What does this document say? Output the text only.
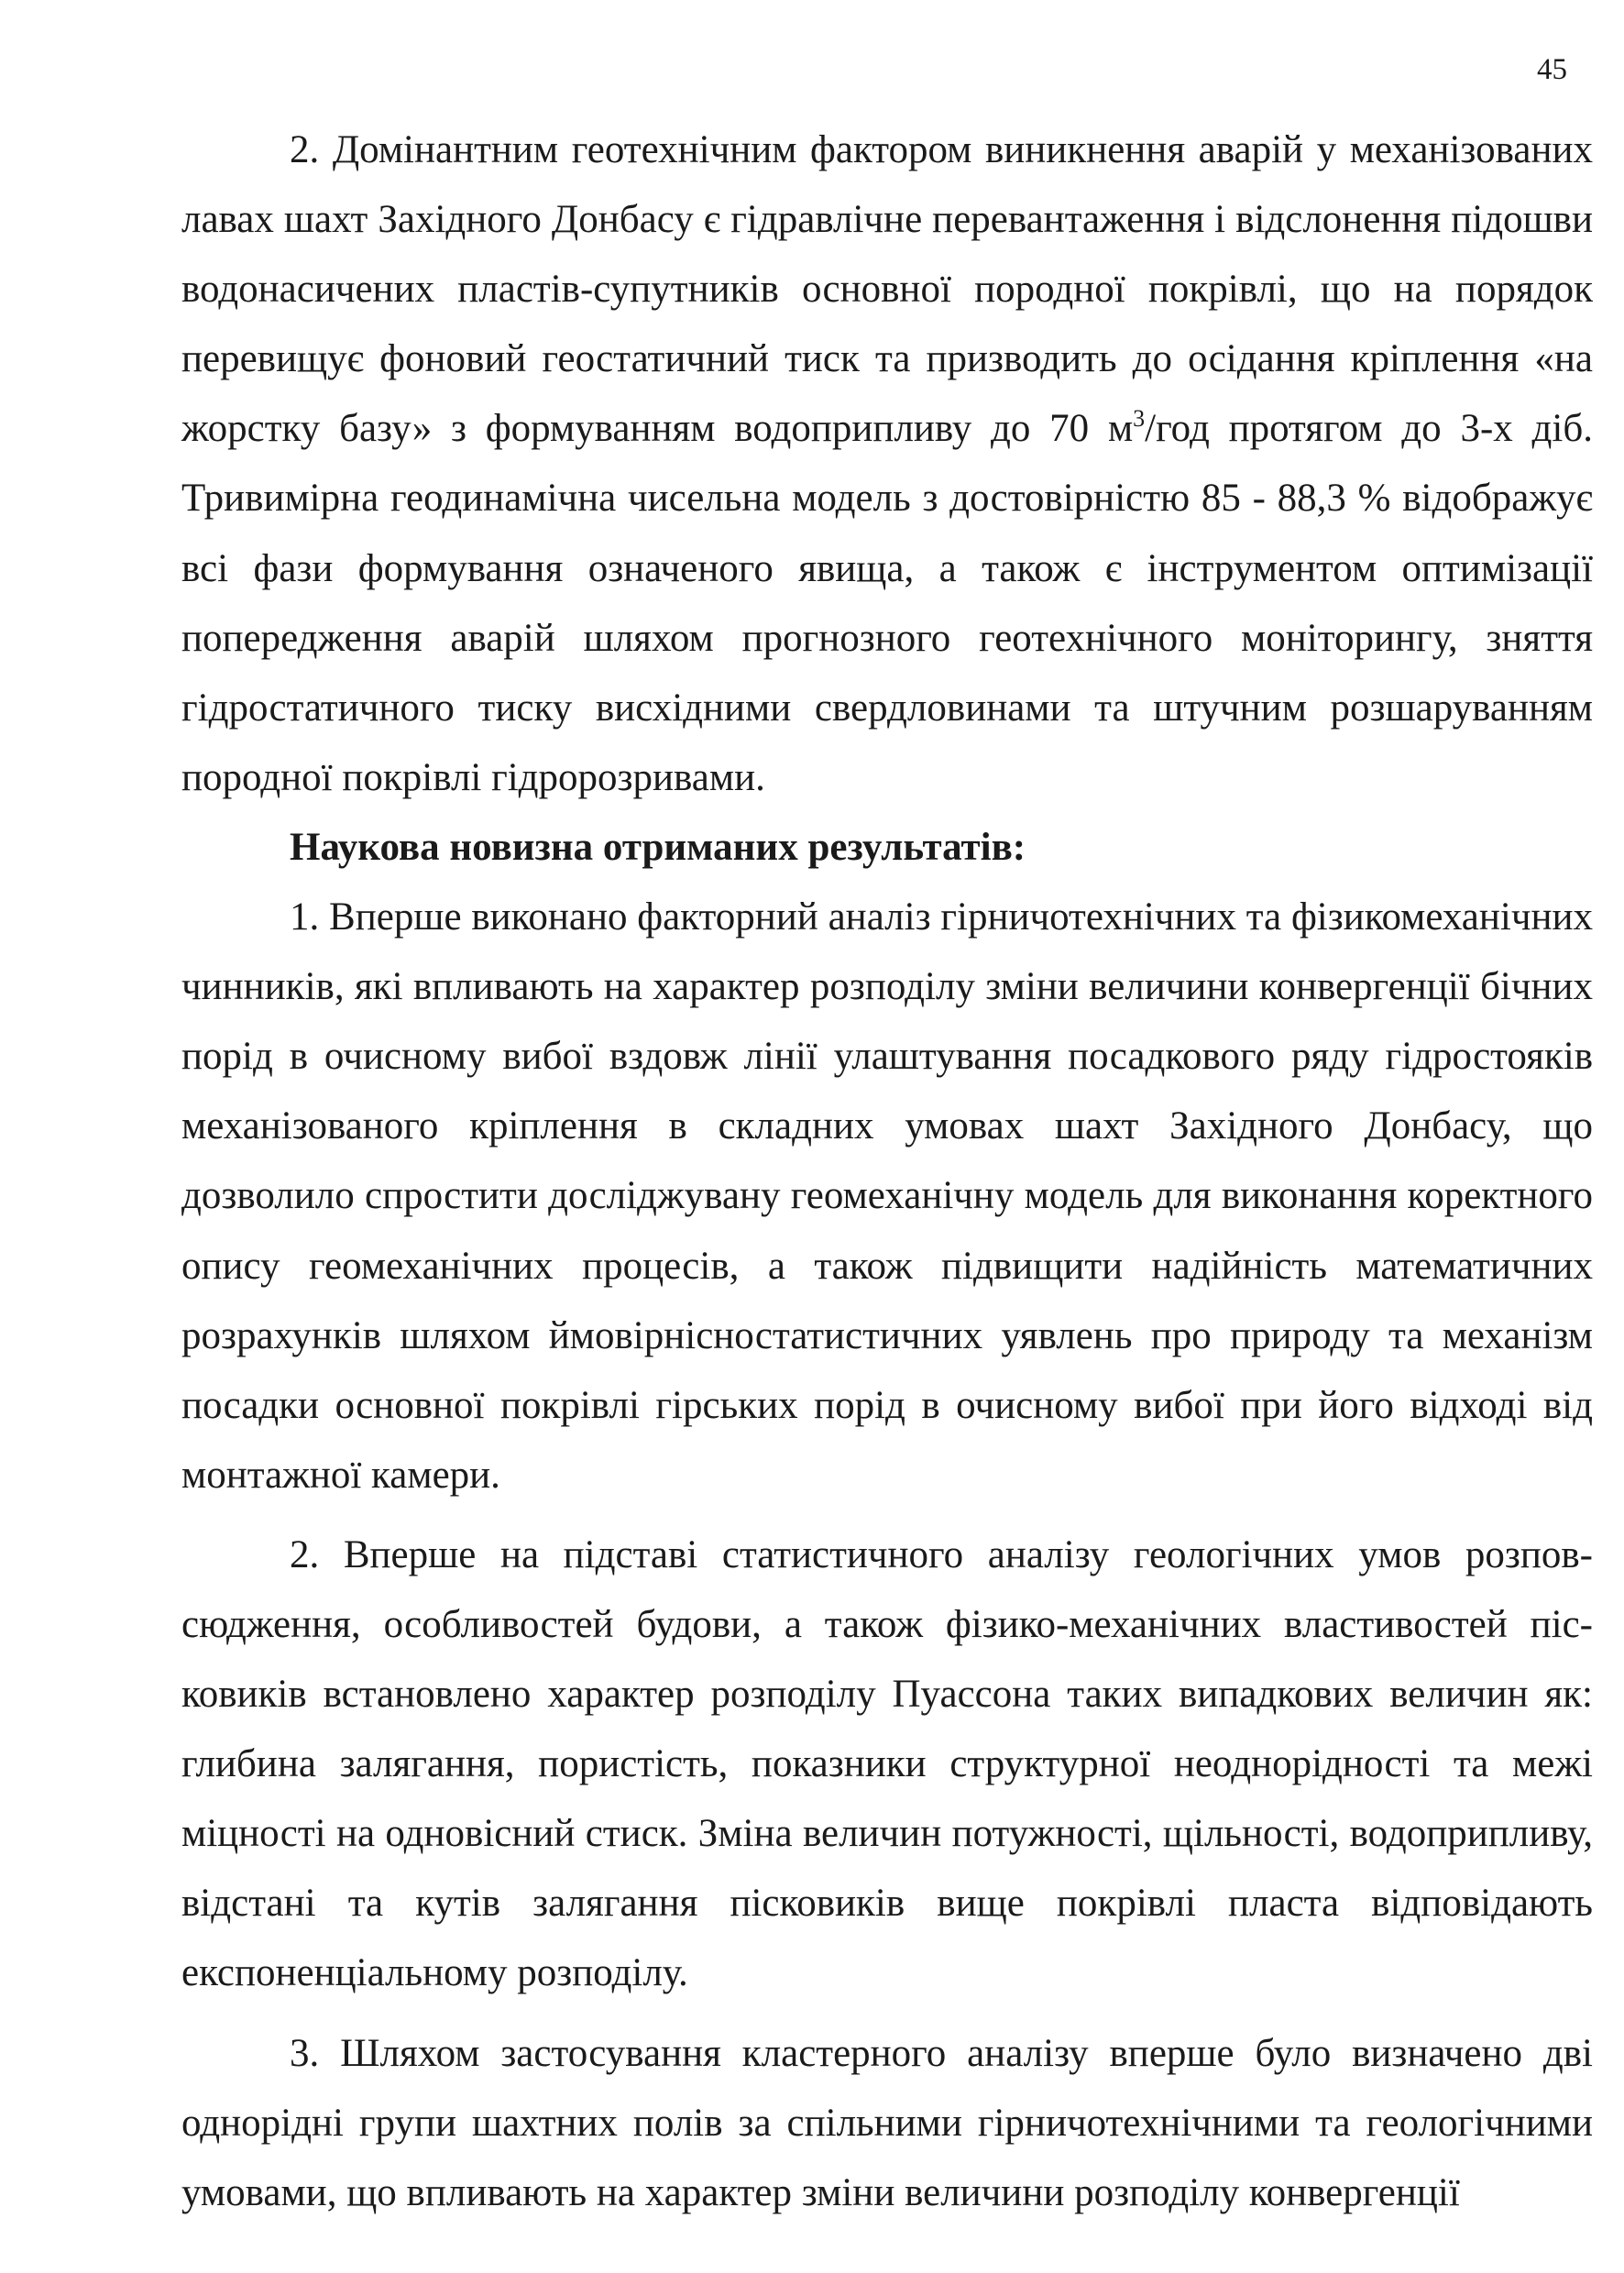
45

2. Домінантним геотехнічним фактором виникнення аварій у механізованих лавах шахт Західного Донбасу є гідравлічне перевантаження і відслонення підошви водонасичених пластів-супутників основної породної покрівлі, що на порядок перевищує фоновий геостатичний тиск та призводить до осідання кріплення «на жорстку базу» з формуванням водоприпливу до 70 $м^3$/год протягом до 3-х діб. Тривимірна геодинамічна чисельна модель з достовірністю 85 - 88,3 % відображує всі фази формування означеного явища, а також є інструментом оптимізації попередження аварій шляхом прогнозного геотехнічного моніторингу, зняття гідростатичного тиску висхідними свердловинами та штучним розшаруванням породної покрівлі гідророзривами.

Наукова новизна отриманих результатів:

1. Вперше виконано факторний аналіз гірничотехнічних та фізикомеханічних чинників, які впливають на характер розподілу зміни величини конвергенції бічних порід в очисному вибої вздовж лінії улаштування посадкового ряду гідростояків механізованого кріплення в складних умовах шахт Західного Донбасу, що дозволило спростити досліджувану геомеханічну модель для виконання коректного опису геомеханічних процесів, а також підвищити надійність математичних розрахунків шляхом ймовірнісностатистичних уявлень про природу та механізм посадки основної покрівлі гірських порід в очисному вибої при його відході від монтажної камери.

2. Вперше на підставі статистичного аналізу геологічних умов розповсюдження, особливостей будови, а також фізико-механічних властивостей пісковиків встановлено характер розподілу Пуассона таких випадкових величин як: глибина залягання, пористість, показники структурної неоднорідності та межі міцності на одновісний стиск. Зміна величин потужності, щільності, водоприпливу, відстані та кутів залягання пісковиків вище покрівлі пласта відповідають експоненціальному розподілу.

3. Шляхом застосування кластерного аналізу вперше було визначено дві однорідні групи шахтних полів за спільними гірничотехнічними та геологічними умовами, що впливають на характер зміни величини розподілу конвергенції
